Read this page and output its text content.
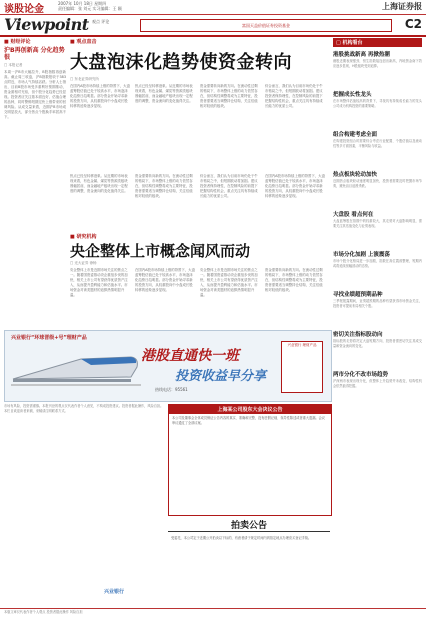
谈股论金
2007年 10月 18日 星期四
责任编辑：张 刘元 实习编辑：王 颖	上海证券报
Viewpoint 观点 评论
富国天益价值证券投资基金	C2
■ 财经评论
沪B再创新高 分化趋势很
□ 本报记者
本周一沪B市大幅拉升，B股指数再创新高。截止周三收盘，沪B指数报收于383点附近，市场人气持续活跃。分析人士指出，目前B股市场受多重利好预期推动，资金面相对充裕，但个股分化趋势已经显现。投资者应关注基本面良好、估值合理的品种，同时警惕短期过快上涨带来的回调风险。从成交量来看，近期沪B市场成交明显放大，部分热点个股换手率居高不下。
■ 观点直击
大盘泡沫化趋势使资金转向
□ 东北证券研究所
在国内A股市场持续上涨的背景下，大盘蓝筹股估值已处于较高水平，市场泡沫化趋势日趋明显。部分资金开始寻求新的投资方向，从权重股向中小盘成长股转移的迹象逐步显现。
热点已经呈转移迹象。从近期的市场表现来看，有色金属、煤炭等资源类板块涨幅居前，而金融地产板块出现一定程度的调整，资金流向的变化值得关注。
资金需要转向新的方向。在流动性过剩的格局下，市场整体上涨的动力依然存在，但结构性调整将成为主要特征，投资者需要适当调整持仓结构，关注估值相对较低的板块。
综合而言，我们认为目前市场仍处于牛市格局之中，但短期波动将加剧。建议投资者保持理性，在控制风险的前提下把握结构性机会，重点关注具有持续成长能力的优质公司。
热点已经呈转移迹象。从近期的市场表现来看，有色金属、煤炭等资源类板块涨幅居前，而金融地产板块出现一定程度的调整，资金流向的变化值得关注。
资金需要转向新的方向。在流动性过剩的格局下，市场整体上涨的动力依然存在，但结构性调整将成为主要特征，投资者需要适当调整持仓结构，关注估值相对较低的板块。
综合而言，我们认为目前市场仍处于牛市格局之中，但短期波动将加剧。建议投资者保持理性，在控制风险的前提下把握结构性机会，重点关注具有持续成长能力的优质公司。
在国内A股市场持续上涨的背景下，大盘蓝筹股估值已处于较高水平，市场泡沫化趋势日趋明显。部分资金开始寻求新的投资方向，从权重股向中小盘成长股转移的迹象逐步显现。
■ 研究机构
央企整体上市概念闻风而动
□ 光大证券 徐杨
央企整体上市是近期市场关注的焦点之一。随着国资委推动央企重组步伐的加快，相关上市公司有望获得优质资产注入，从而提升盈利能力和估值水平。市场资金对该类题材的追捧热情明显升温。
在国内A股市场持续上涨的背景下，大盘蓝筹股估值已处于较高水平，市场泡沫化趋势日趋明显。部分资金开始寻求新的投资方向，从权重股向中小盘成长股转移的迹象逐步显现。
央企整体上市是近期市场关注的焦点之一。随着国资委推动央企重组步伐的加快，相关上市公司有望获得优质资产注入，从而提升盈利能力和估值水平。市场资金对该类题材的追捧热情明显升温。
资金需要转向新的方向。在流动性过剩的格局下，市场整体上涨的动力依然存在，但结构性调整将成为主要特征，投资者需要适当调整持仓结构，关注估值相对较低的板块。
□ 机构看台
港股挑战新高 再掀热潮
港股近期表现强劲，恒生指数接连创出新高，内地资金南下效应逐步显现，H股板块受到追捧。
把握成长性龙头
在市场整体估值较高的背景下，寻找具有持续成长能力的龙头公司成为机构投资的重要策略。
组合构建考虑全面
在构建投资组合时需要综合考虑行业配置、个股估值以及流动性等多方面因素，平衡风险与收益。
热点板块轮动加快
近期热点板块轮动速度明显加快，投资者需要及时把握市场节奏，避免盲目追涨杀跌。
大盘股 看点何在
大盘蓝筹股在指数中的权重较大，其走势对大盘影响明显，需要关注其估值变化与业绩表现。
市场分化加剧 上演震荡
市场个股分化格局进一步加剧，指数在高位震荡整理，短期内或将延续宽幅波动的态势。
寻找业绩超预期品种
三季报披露期间，业绩超预期的品种有望获得市场资金关注，投资者可提前布局相关个股。
密切关注指标股动向
指标股的走势将决定大盘短期方向，投资者需密切关注其成交量和资金流向的变化。
两市分化不改市场趋势
沪深两市表现出现分化，但整体上升趋势并未改变，结构性机会依然值得挖掘。
兴业银行“环球晋级+号”理财产品
港股直通快一班
投资收益早分享
热线电话：95561
兴业银行 理财产品
市场有风险，投资需谨慎。本报刊登的观点仅代表作者个人意见，不构成投资建议。投资者据此操作，风险自担。本栏目欢迎读者来稿，来稿请注明联系方式。	上海某公司股东大会决议公告
本公司及董事会全体成员保证公告内容的真实、准确和完整，没有虚假记载、误导性陈述或者重大遗漏。会议审议通过了全部议案。
拍卖公告
受委托，本公司定于近期公开拍卖以下标的，有意者请于规定时间内到指定地点办理竞买登记手续。
兴业银行
本版文章仅代表作者个人观点 投资者据此操作 风险自担
